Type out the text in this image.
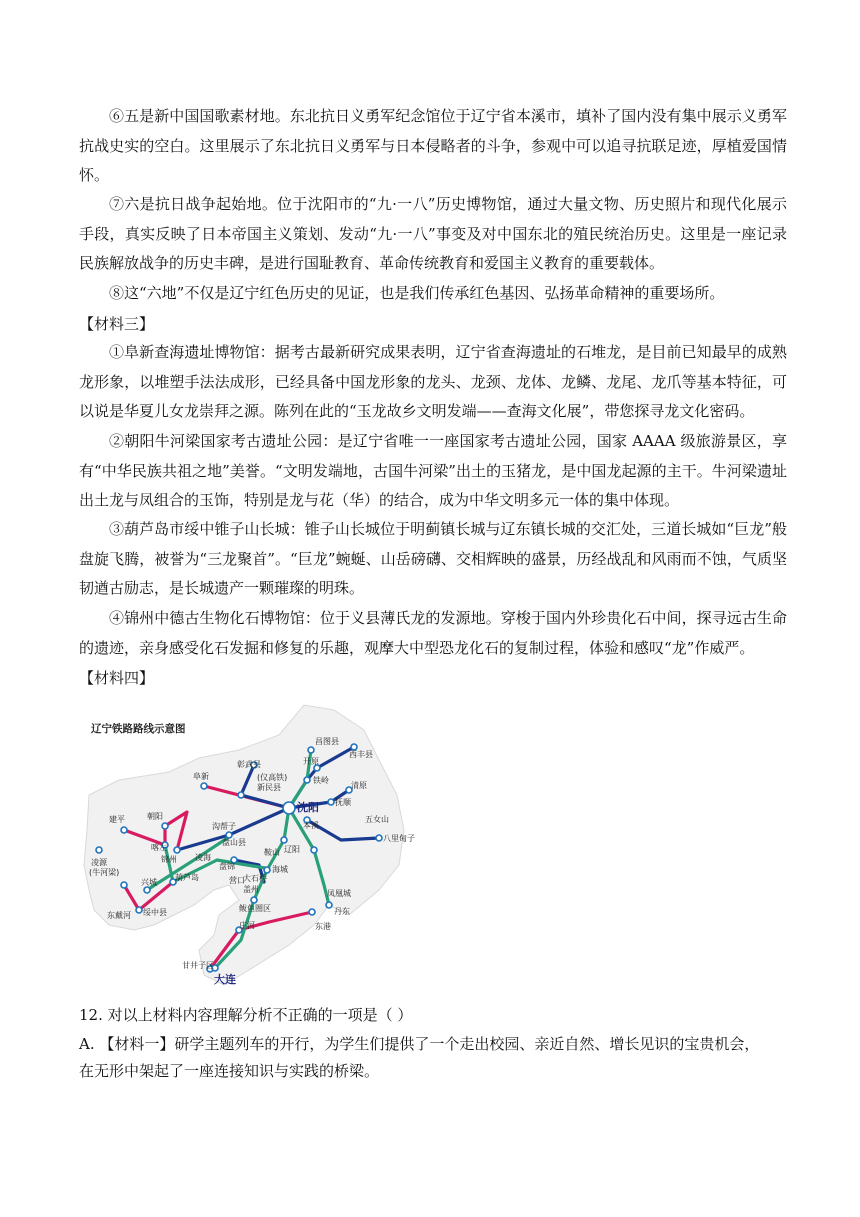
⑥五是新中国国歌素材地。东北抗日义勇军纪念馆位于辽宁省本溪市，填补了国内没有集中展示义勇军抗战史实的空白。这里展示了东北抗日义勇军与日本侵略者的斗争，参观中可以追寻抗联足迹，厚植爱国情怀。

⑦六是抗日战争起始地。位于沈阳市的“九·一八”历史博物馆，通过大量文物、历史照片和现代化展示手段，真实反映了日本帝国主义策划、发动“九·一八”事变及对中国东北的殖民统治历史。这里是一座记录民族解放战争的历史丰碑，是进行国耻教育、革命传统教育和爱国主义教育的重要载体。

⑧这“六地”不仅是辽宁红色历史的见证，也是我们传承红色基因、弘扬革命精神的重要场所。

【材料三】

①阜新查海遗址博物馆：据考古最新研究成果表明，辽宁省查海遗址的石堆龙，是目前已知最早的成熟龙形象，以堆塑手法法成形，已经具备中国龙形象的龙头、龙颈、龙体、龙鳞、龙尾、龙爪等基本特征，可以说是华夏儿女龙崇拜之源。陈列在此的“玉龙故乡文明发端——查海文化展”，带您探寻龙文化密码。

②朝阳牛河梁国家考古遗址公园：是辽宁省唯一一座国家考古遗址公园，国家 AAAA 级旅游景区，享有“中华民族共祖之地”美誉。“文明发端地，古国牛河梁”出土的玉猪龙，是中国龙起源的主干。牛河梁遗址出土龙与凤组合的玉饰，特别是龙与花（华）的结合，成为中华文明多元一体的集中体现。

③葫芦岛市绥中锥子山长城：锥子山长城位于明蓟镇长城与辽东镇长城的交汇处，三道长城如“巨龙”般盘旋飞腾，被誉为“三龙聚首”。“巨龙”蜿蜒、山岳磅礴、交相辉映的盛景，历经战乱和风雨而不蚀，气质坚韧遒古励志，是长城遗产一颗璀璨的明珠。

④锦州中德古生物化石博物馆：位于义县薄氏龙的发源地。穿梭于国内外珍贵化石中间，探寻远古生命的遗迹，亲身感受化石发掘和修复的乐趣，观摩大中型恐龙化石的复制过程，体验和感叹“龙”作威严。

【材料四】

辽宁铁路路线示意图
昌图县
西丰县
开原
铁岭
彰武县
(仪高铁)
新民县
阜新
沈阳
清原
抚顺
本溪
五女山
八里甸子
朝阳
建平
喀左
凌源
(牛河梁)
沟帮子
盘山县
锦州 凌海
盘锦
鞍山 辽阳
海城
营口
大石桥
盖州
鲅鱼圈区
凤凰城
兴城
葫芦岛
绥中县
东戴河	丹东
东港
庄河
甘井子区
大连

12. 对以上材料内容理解分析不正确的一项是（ ）

A. 【材料一】研学主题列车的开行，为学生们提供了一个走出校园、亲近自然、增长见识的宝贵机会，

在无形中架起了一座连接知识与实践的桥梁。
